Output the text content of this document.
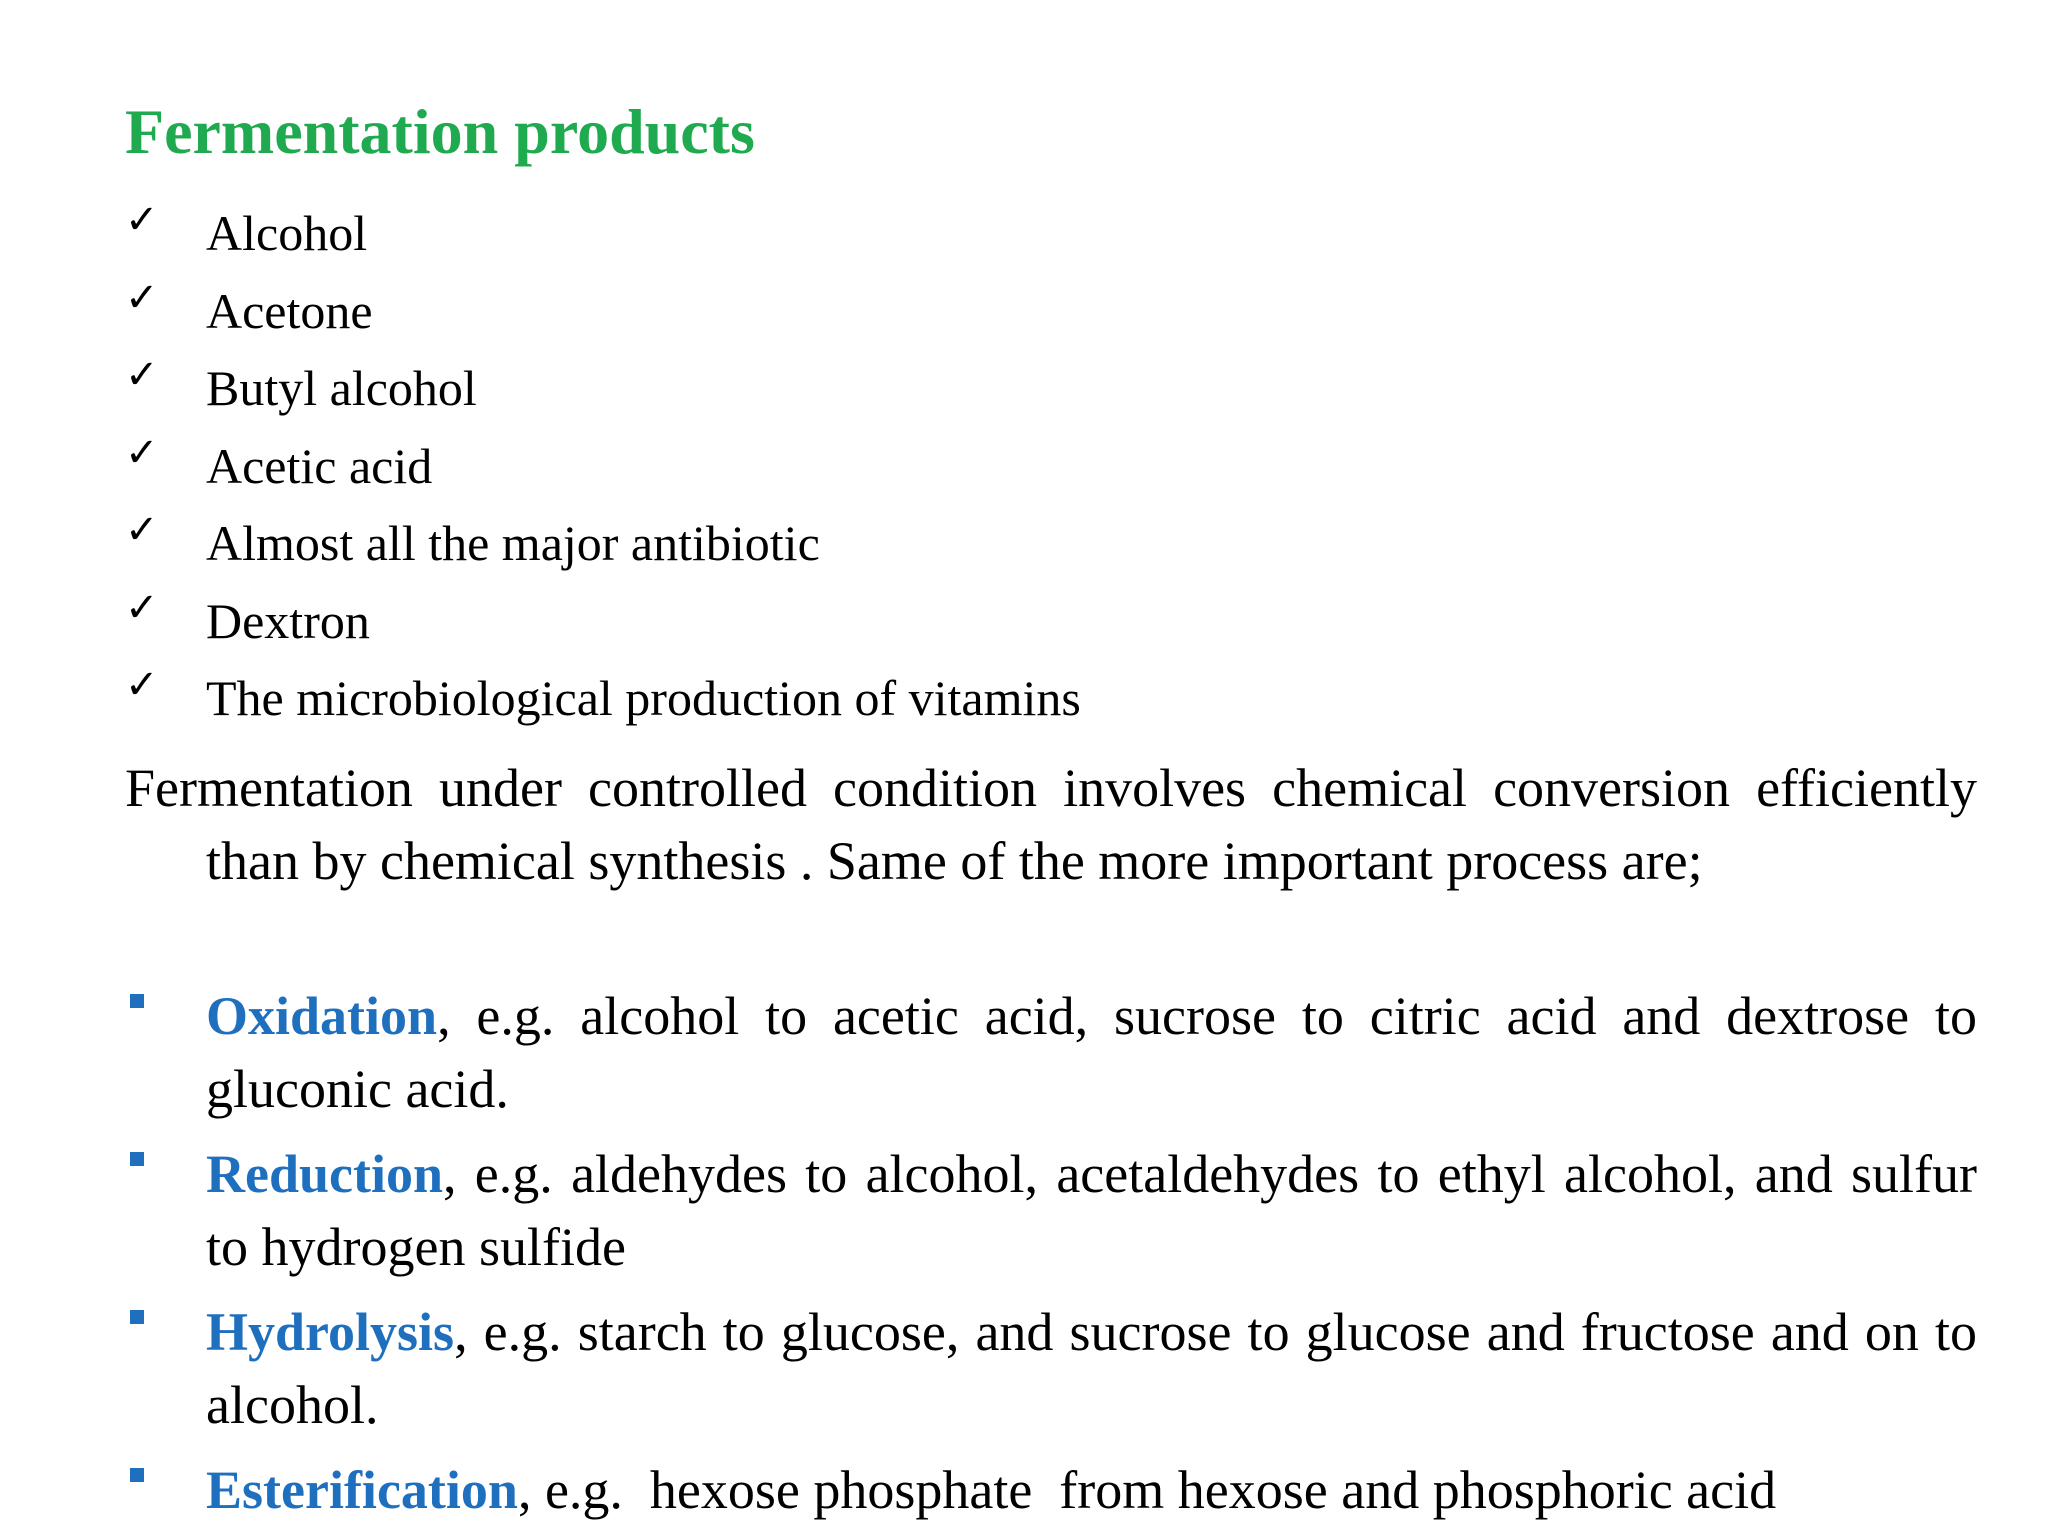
Fermentation products
✓ Alcohol
✓ Acetone
✓ Butyl alcohol
✓ Acetic acid
✓ Almost all the major antibiotic
✓ Dextron
✓ The microbiological production of vitamins

Fermentation under controlled condition involves chemical conversion efficiently than by chemical synthesis . Same of the more important process are;

Oxidation, e.g. alcohol to acetic acid, sucrose to citric acid and dextrose to gluconic acid.
Reduction, e.g. aldehydes to alcohol, acetaldehydes to ethyl alcohol, and sulfur to hydrogen sulfide
Hydrolysis, e.g. starch to glucose, and sucrose to glucose and fructose and on to alcohol.
Esterification, e.g.  hexose phosphate  from hexose and phosphoric acid
